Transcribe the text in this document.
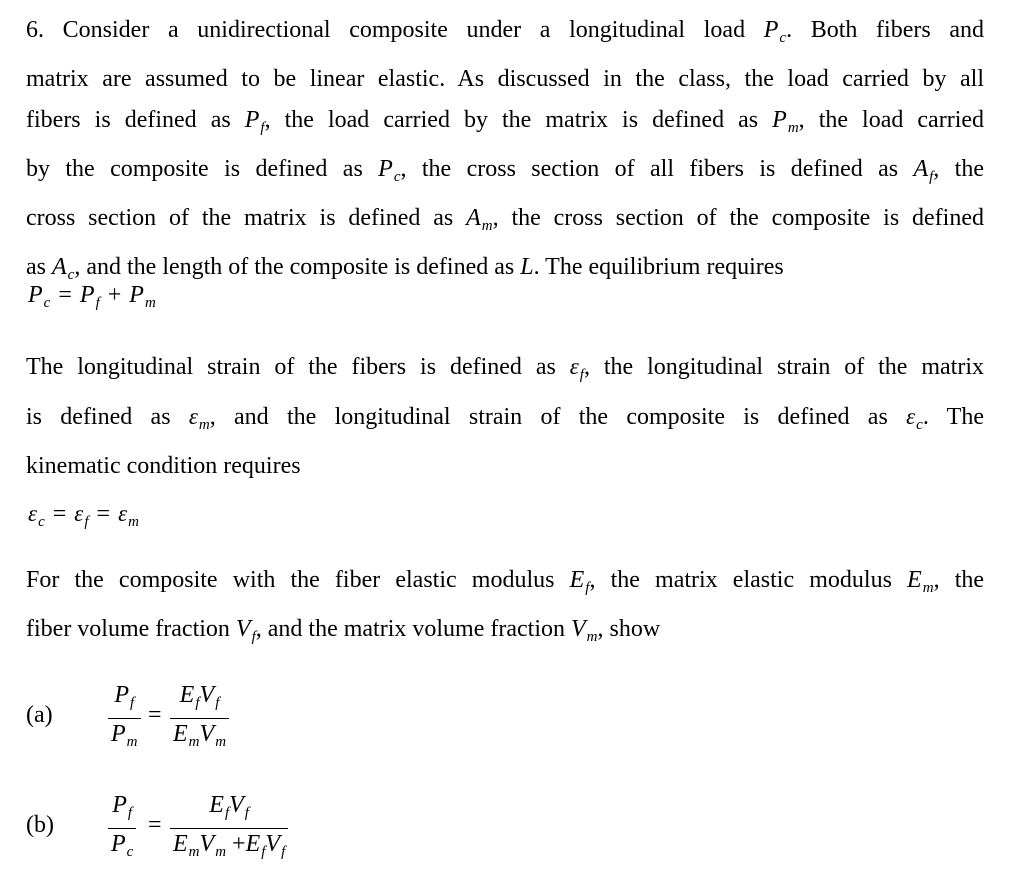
6. Consider a unidirectional composite under a longitudinal load $P_c$. Both fibers and
matrix are assumed to be linear elastic. As discussed in the class, the load carried by all
fibers is defined as $P_f$, the load carried by the matrix is defined as $P_m$, the load carried
by the composite is defined as $P_c$, the cross section of all fibers is defined as $A_f$, the
cross section of the matrix is defined as $A_m$, the cross section of the composite is defined
as $A_c$, and the length of the composite is defined as L. The equilibrium requires
$P_c = P_f + P_m$
The longitudinal strain of the fibers is defined as $\varepsilon_f$, the longitudinal strain of the matrix
is defined as $\varepsilon_m$, and the longitudinal strain of the composite is defined as $\varepsilon_c$. The
kinematic condition requires
$\varepsilon_c = \varepsilon_f = \varepsilon_m$
For the composite with the fiber elastic modulus $E_f$, the matrix elastic modulus $E_m$, the
fiber volume fraction $V_f$, and the matrix volume fraction $V_m$, show
(a)
$P_f$
$P_m$
=
$E_fV_f$
$E_mV_m$
(b)
$P_f$
$P_c$
=
$E_fV_f$
$E_mV_m +E_fV_f$
